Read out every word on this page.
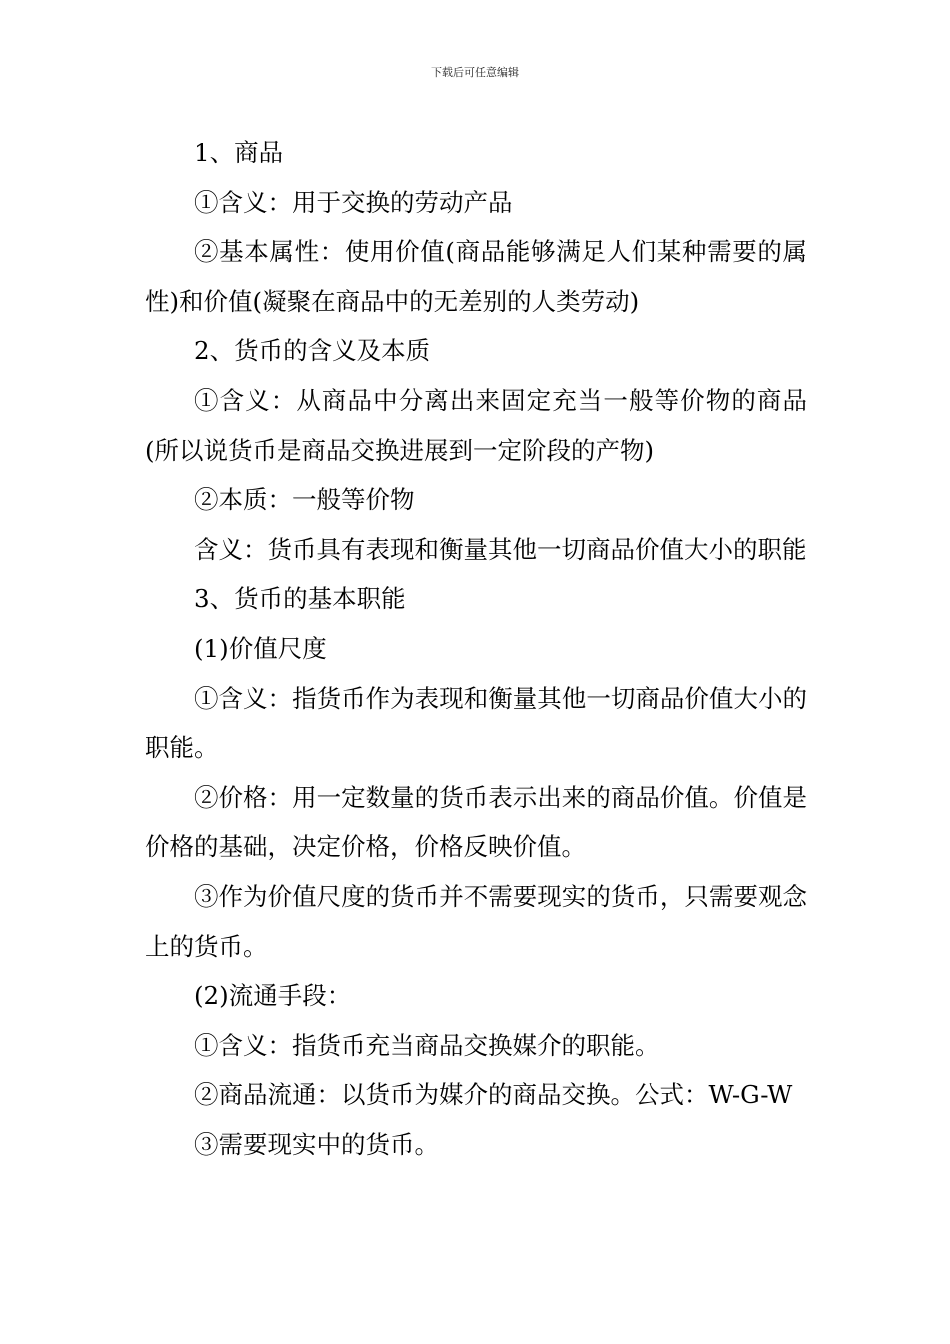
下载后可任意编辑

1、商品

①含义：用于交换的劳动产品

②基本属性：使用价值(商品能够满足人们某种需要的属性)和价值(凝聚在商品中的无差别的人类劳动)

2、货币的含义及本质

①含义：从商品中分离出来固定充当一般等价物的商品(所以说货币是商品交换进展到一定阶段的产物)

②本质：一般等价物

含义：货币具有表现和衡量其他一切商品价值大小的职能

3、货币的基本职能

(1)价值尺度

①含义：指货币作为表现和衡量其他一切商品价值大小的职能。

②价格：用一定数量的货币表示出来的商品价值。价值是价格的基础，决定价格，价格反映价值。

③作为价值尺度的货币并不需要现实的货币，只需要观念上的货币。

(2)流通手段：

①含义：指货币充当商品交换媒介的职能。

②商品流通：以货币为媒介的商品交换。公式：W-G-W

③需要现实中的货币。
